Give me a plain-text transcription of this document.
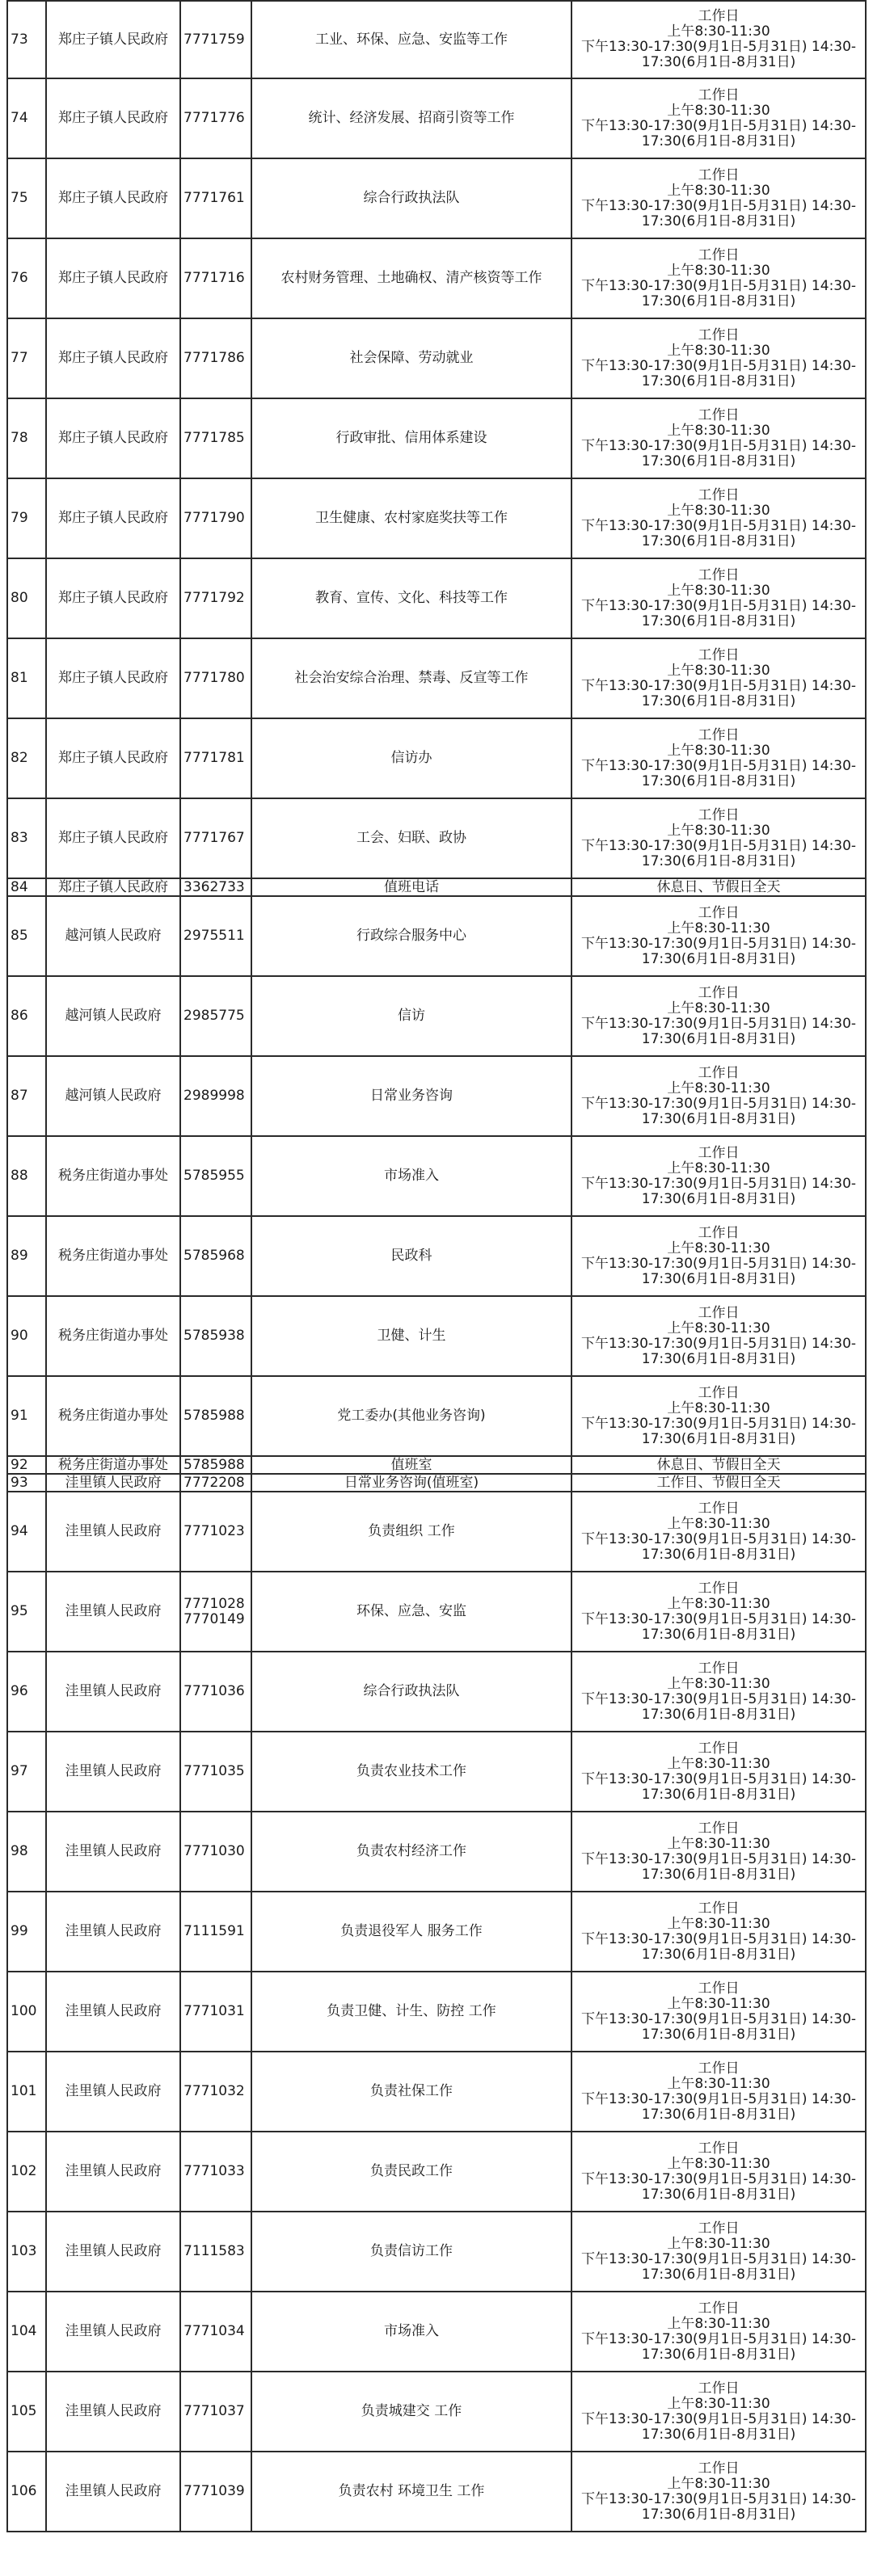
73	郑庄子镇人民政府	7771759	工业、环保、应急、安监等工作	工作日
上午8:30-11:30
下午13:30-17:30(9月1日-5月31日) 14:30-
17:30(6月1日-8月31日)

74	郑庄子镇人民政府	7771776	统计、经济发展、招商引资等工作	工作日
上午8:30-11:30
下午13:30-17:30(9月1日-5月31日) 14:30-
17:30(6月1日-8月31日)

75	郑庄子镇人民政府	7771761	综合行政执法队	工作日
上午8:30-11:30
下午13:30-17:30(9月1日-5月31日) 14:30-
17:30(6月1日-8月31日)

76	郑庄子镇人民政府	7771716	农村财务管理、土地确权、清产核资等工作	工作日
上午8:30-11:30
下午13:30-17:30(9月1日-5月31日) 14:30-
17:30(6月1日-8月31日)

77	郑庄子镇人民政府	7771786	社会保障、劳动就业	工作日
上午8:30-11:30
下午13:30-17:30(9月1日-5月31日) 14:30-
17:30(6月1日-8月31日)

78	郑庄子镇人民政府	7771785	行政审批、信用体系建设	工作日
上午8:30-11:30
下午13:30-17:30(9月1日-5月31日) 14:30-
17:30(6月1日-8月31日)

79	郑庄子镇人民政府	7771790	卫生健康、农村家庭奖扶等工作	工作日
上午8:30-11:30
下午13:30-17:30(9月1日-5月31日) 14:30-
17:30(6月1日-8月31日)

80	郑庄子镇人民政府	7771792	教育、宣传、文化、科技等工作	工作日
上午8:30-11:30
下午13:30-17:30(9月1日-5月31日) 14:30-
17:30(6月1日-8月31日)

81	郑庄子镇人民政府	7771780	社会治安综合治理、禁毒、反宣等工作	工作日
上午8:30-11:30
下午13:30-17:30(9月1日-5月31日) 14:30-
17:30(6月1日-8月31日)

82	郑庄子镇人民政府	7771781	信访办	工作日
上午8:30-11:30
下午13:30-17:30(9月1日-5月31日) 14:30-
17:30(6月1日-8月31日)

83	郑庄子镇人民政府	7771767	工会、妇联、政协	工作日
上午8:30-11:30
下午13:30-17:30(9月1日-5月31日) 14:30-
17:30(6月1日-8月31日)

84	郑庄子镇人民政府	3362733	值班电话	休息日、节假日全天

85	越河镇人民政府	2975511	行政综合服务中心	工作日
上午8:30-11:30
下午13:30-17:30(9月1日-5月31日) 14:30-
17:30(6月1日-8月31日)

86	越河镇人民政府	2985775	信访	工作日
上午8:30-11:30
下午13:30-17:30(9月1日-5月31日) 14:30-
17:30(6月1日-8月31日)

87	越河镇人民政府	2989998	日常业务咨询	工作日
上午8:30-11:30
下午13:30-17:30(9月1日-5月31日) 14:30-
17:30(6月1日-8月31日)

88	税务庄街道办事处	5785955	市场准入	工作日
上午8:30-11:30
下午13:30-17:30(9月1日-5月31日) 14:30-
17:30(6月1日-8月31日)

89	税务庄街道办事处	5785968	民政科	工作日
上午8:30-11:30
下午13:30-17:30(9月1日-5月31日) 14:30-
17:30(6月1日-8月31日)

90	税务庄街道办事处	5785938	卫健、计生	工作日
上午8:30-11:30
下午13:30-17:30(9月1日-5月31日) 14:30-
17:30(6月1日-8月31日)

91	税务庄街道办事处	5785988	党工委办(其他业务咨询)	工作日
上午8:30-11:30
下午13:30-17:30(9月1日-5月31日) 14:30-
17:30(6月1日-8月31日)

92	税务庄街道办事处	5785988	值班室	休息日、节假日全天

93	洼里镇人民政府	7772208	日常业务咨询(值班室)	工作日、节假日全天

94	洼里镇人民政府	7771023	负责组织 工作	工作日
上午8:30-11:30
下午13:30-17:30(9月1日-5月31日) 14:30-
17:30(6月1日-8月31日)

95	洼里镇人民政府	7771028
7770149	环保、应急、安监	工作日
上午8:30-11:30
下午13:30-17:30(9月1日-5月31日) 14:30-
17:30(6月1日-8月31日)

96	洼里镇人民政府	7771036	综合行政执法队	工作日
上午8:30-11:30
下午13:30-17:30(9月1日-5月31日) 14:30-
17:30(6月1日-8月31日)

97	洼里镇人民政府	7771035	负责农业技术工作	工作日
上午8:30-11:30
下午13:30-17:30(9月1日-5月31日) 14:30-
17:30(6月1日-8月31日)

98	洼里镇人民政府	7771030	负责农村经济工作	工作日
上午8:30-11:30
下午13:30-17:30(9月1日-5月31日) 14:30-
17:30(6月1日-8月31日)

99	洼里镇人民政府	7111591	负责退役军人 服务工作	工作日
上午8:30-11:30
下午13:30-17:30(9月1日-5月31日) 14:30-
17:30(6月1日-8月31日)

100	洼里镇人民政府	7771031	负责卫健、计生、防控 工作	工作日
上午8:30-11:30
下午13:30-17:30(9月1日-5月31日) 14:30-
17:30(6月1日-8月31日)

101	洼里镇人民政府	7771032	负责社保工作	工作日
上午8:30-11:30
下午13:30-17:30(9月1日-5月31日) 14:30-
17:30(6月1日-8月31日)

102	洼里镇人民政府	7771033	负责民政工作	工作日
上午8:30-11:30
下午13:30-17:30(9月1日-5月31日) 14:30-
17:30(6月1日-8月31日)

103	洼里镇人民政府	7111583	负责信访工作	工作日
上午8:30-11:30
下午13:30-17:30(9月1日-5月31日) 14:30-
17:30(6月1日-8月31日)

104	洼里镇人民政府	7771034	市场准入	工作日
上午8:30-11:30
下午13:30-17:30(9月1日-5月31日) 14:30-
17:30(6月1日-8月31日)

105	洼里镇人民政府	7771037	负责城建交 工作	工作日
上午8:30-11:30
下午13:30-17:30(9月1日-5月31日) 14:30-
17:30(6月1日-8月31日)

106	洼里镇人民政府	7771039	负责农村 环境卫生 工作	工作日
上午8:30-11:30
下午13:30-17:30(9月1日-5月31日) 14:30-
17:30(6月1日-8月31日)
